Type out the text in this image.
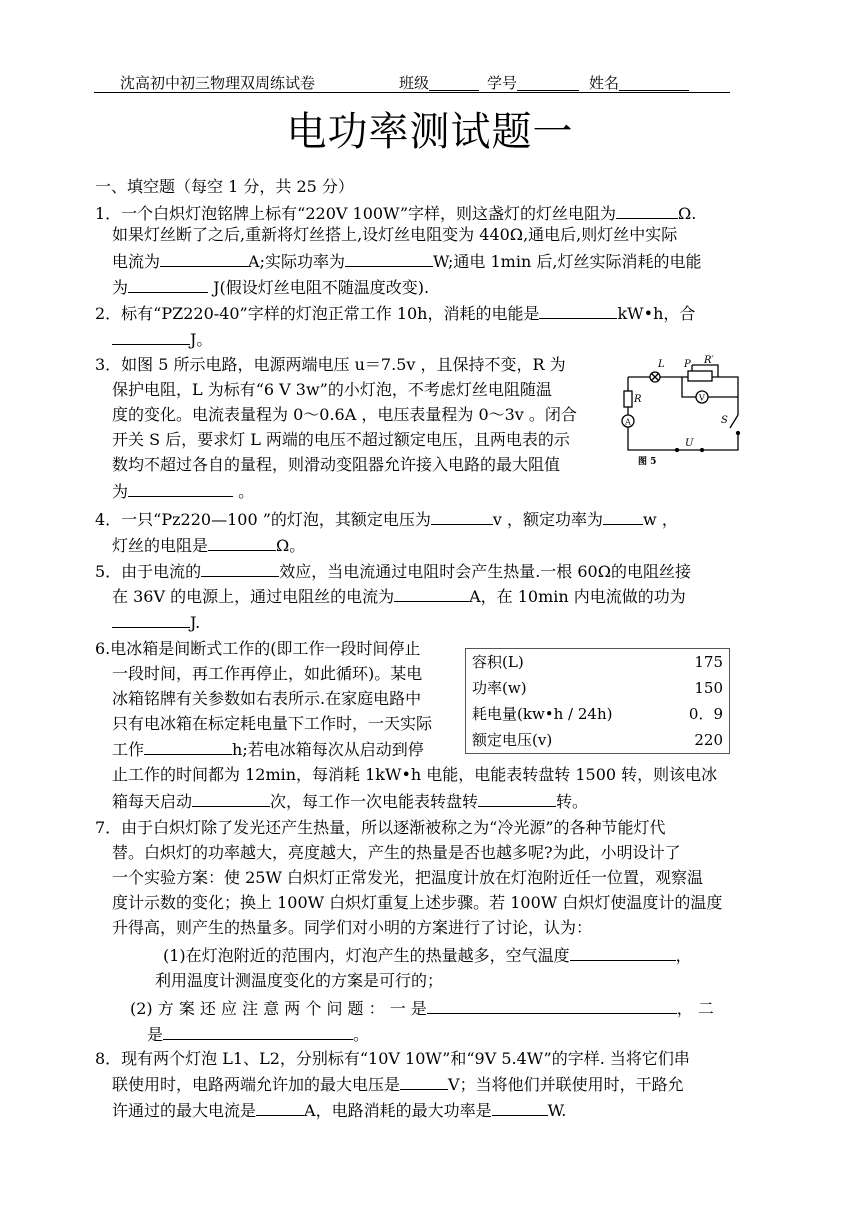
沈高初中初三物理双周练试卷	班级	学号	姓名
电功率测试题一
一、填空题（每空 1 分，共 25 分）
1．一个白炽灯泡铭牌上标有“220V 100W”字样，则这盏灯的灯丝电阻为	Ω.
如果灯丝断了之后,重新将灯丝搭上,设灯丝电阻变为 440Ω,通电后,则灯丝中实际
电流为	A;实际功率为	W;通电 1min 后,灯丝实际消耗的电能
为	J(假设灯丝电阻不随温度改变).
2．标有“PZ220-40”字样的灯泡正常工作 10h，消耗的电能是	kW•h，合
J。
3．如图 5 所示电路，电源两端电压 u＝7.5v ，且保持不变，R 为
保护电阻，L 为标有“6 V 3w”的小灯泡，不考虑灯丝电阻随温
度的变化。电流表量程为 0～0.6A ，电压表量程为 0～3v 。闭合
开关 S 后，要求灯 L 两端的电压不超过额定电压，且两电表的示
数均不超过各自的量程，则滑动变阻器允许接入电路的最大阻值
为	。
L P R′
R	V
A	S
U
图 5
4．一只“Pz220—100 ”的灯泡，其额定电压为	v ，额定功率为	w ，
灯丝的电阻是	Ω。
5．由于电流的	效应，当电流通过电阻时会产生热量.一根 60Ω的电阻丝接
在 36V 的电源上，通过电阻丝的电流为	A，在 10min 内电流做的功为
J.
6.电冰箱是间断式工作的(即工作一段时间停止
一段时间，再工作再停止，如此循环)。某电
冰箱铭牌有关参数如右表所示.在家庭电路中
只有电冰箱在标定耗电量下工作时，一天实际
工作	h;若电冰箱每次从启动到停
止工作的时间都为 12min，每消耗 1kW•h 电能，电能表转盘转 1500 转，则该电冰
箱每天启动	次，每工作一次电能表转盘转	转。
容积(L)	175
功率(w)	150
耗电量(kw•h / 24h)	0．9
额定电压(v)	220
7．由于白炽灯除了发光还产生热量，所以逐渐被称之为“冷光源”的各种节能灯代
替。白炽灯的功率越大，亮度越大，产生的热量是否也越多呢?为此，小明设计了
一个实验方案：使 25W 白炽灯正常发光，把温度计放在灯泡附近任一位置，观察温
度计示数的变化；换上 100W 白炽灯重复上述步骤。若 100W 白炽灯使温度计的温度
升得高，则产生的热量多。同学们对小明的方案进行了讨论，认为：
(1)在灯泡附近的范围内，灯泡产生的热量越多，空气温度	，
利用温度计测温度变化的方案是可行的；
(2) 方 案 还 应 注 意 两 个 问 题 ： 一 是	， 二
是	。
8．现有两个灯泡 L1、L2，分别标有“10V 10W”和“9V 5.4W”的字样. 当将它们串
联使用时，电路两端允许加的最大电压是	V；当将他们并联使用时，干路允
许通过的最大电流是	A，电路消耗的最大功率是	W.
